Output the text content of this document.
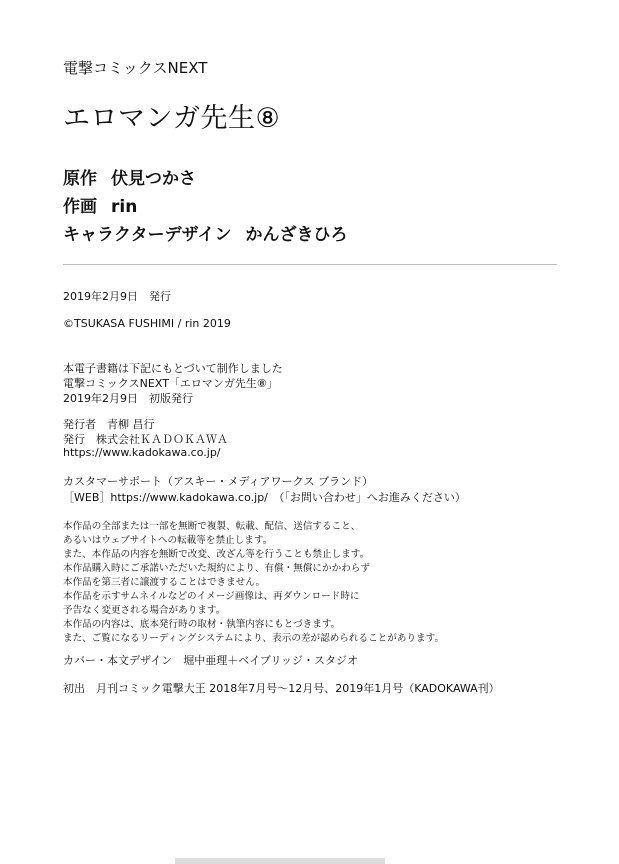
電撃コミックスNEXT
エロマンガ先生⑧
原作 伏見つかさ
作画 rin
キャラクターデザイン かんざきひろ
2019年2月9日　発行
©TSUKASA FUSHIMI / rin 2019
本電子書籍は下記にもとづいて制作しました
電撃コミックスNEXT「エロマンガ先生⑧」
2019年2月9日　初版発行
発行者　青柳 昌行
発行　株式会社ＫＡＤＯＫＡＷＡ
https://www.kadokawa.co.jp/
カスタマーサポート（アスキー・メディアワークス ブランド）
［WEB］https://www.kadokawa.co.jp/　（「お問い合わせ」へお進みください）
本作品の全部または一部を無断で複製、転載、配信、送信すること、
あるいはウェブサイトへの転載等を禁止します。
また、本作品の内容を無断で改変、改ざん等を行うことも禁止します。
本作品購入時にご承諾いただいた規約により、有償・無償にかかわらず
本作品を第三者に譲渡することはできません。
本作品を示すサムネイルなどのイメージ画像は、再ダウンロード時に
予告なく変更される場合があります。
本作品の内容は、底本発行時の取材・執筆内容にもとづきます。
また、ご覧になるリーディングシステムにより、表示の差が認められることがあります。
カバー・本文デザイン　堀中亜理＋ベイブリッジ・スタジオ
初出　月刊コミック電撃大王 2018年7月号～12月号、2019年1月号（KADOKAWA刊）
